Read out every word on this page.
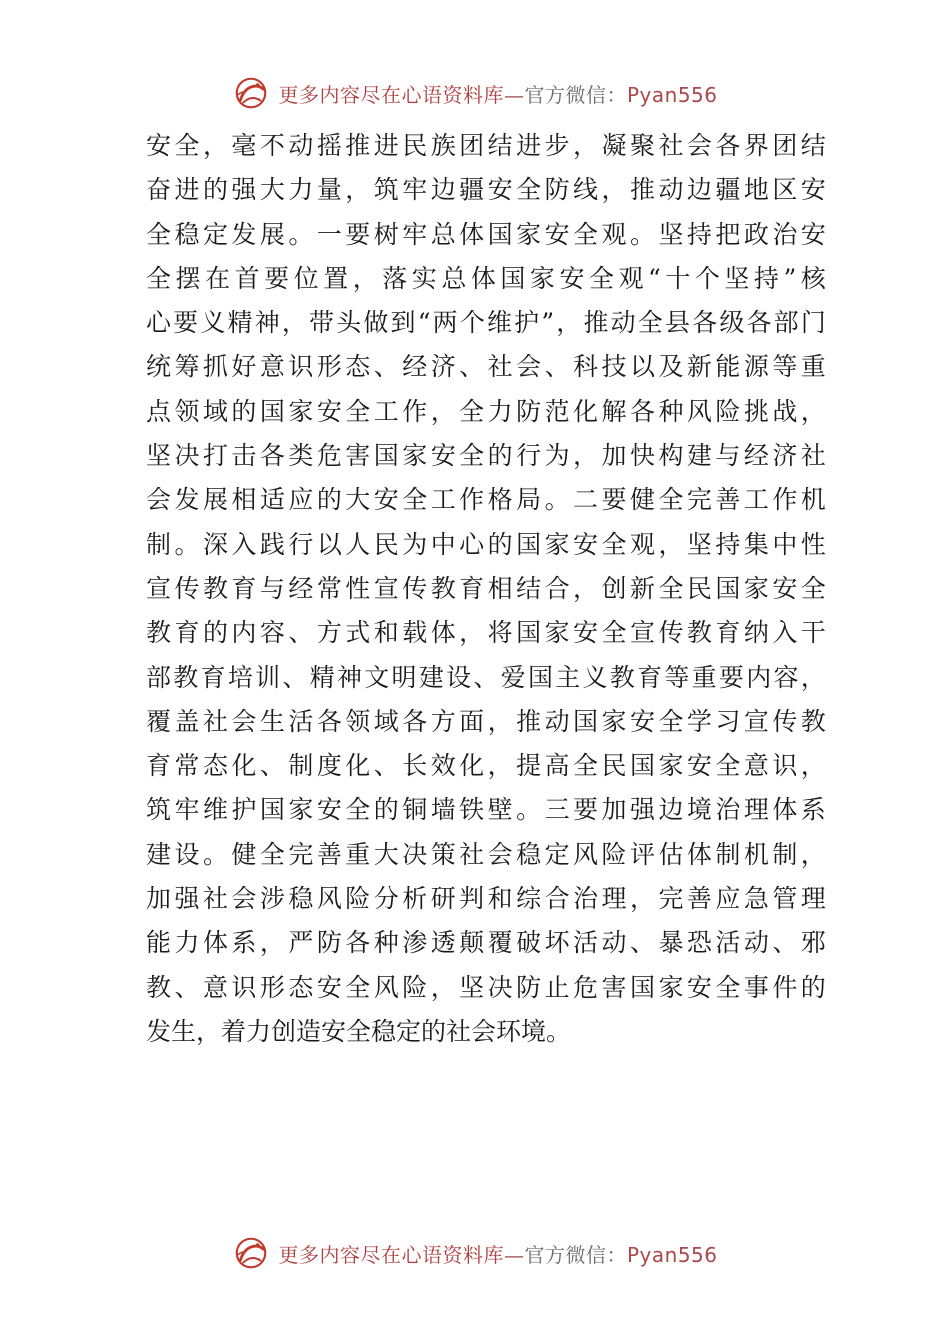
更多内容尽在心语资料库—官方微信：Pyan556
安 全 ， 毫 不 动 摇 推 进 民 族 团 结 进 步 ， 凝 聚 社 会 各 界 团 结
奋 进 的 强 大 力 量 ， 筑 牢 边 疆 安 全 防 线 ， 推 动 边 疆 地 区 安
全 稳 定 发 展 。 一 要 树 牢 总 体 国 家 安 全 观 。 坚 持 把 政 治 安
全 摆 在 首 要 位 置 ， 落 实 总 体 国 家 安 全 观 “ 十 个 坚 持 ” 核
心 要 义 精 神 ， 带 头 做 到 “ 两 个 维 护 ” ， 推 动 全 县 各 级 各 部 门
统 筹 抓 好 意 识 形 态 、 经 济 、 社 会 、 科 技 以 及 新 能 源 等 重
点 领 域 的 国 家 安 全 工 作 ， 全 力 防 范 化 解 各 种 风 险 挑 战 ，
坚 决 打 击 各 类 危 害 国 家 安 全 的 行 为 ， 加 快 构 建 与 经 济 社
会 发 展 相 适 应 的 大 安 全 工 作 格 局 。 二 要 健 全 完 善 工 作 机
制 。 深 入 践 行 以 人 民 为 中 心 的 国 家 安 全 观 ， 坚 持 集 中 性
宣 传 教 育 与 经 常 性 宣 传 教 育 相 结 合 ， 创 新 全 民 国 家 安 全
教 育 的 内 容 、 方 式 和 载 体 ， 将 国 家 安 全 宣 传 教 育 纳 入 干
部 教 育 培 训 、 精 神 文 明 建 设 、 爱 国 主 义 教 育 等 重 要 内 容 ，
覆 盖 社 会 生 活 各 领 域 各 方 面 ， 推 动 国 家 安 全 学 习 宣 传 教
育 常 态 化 、 制 度 化 、 长 效 化 ， 提 高 全 民 国 家 安 全 意 识 ，
筑 牢 维 护 国 家 安 全 的 铜 墙 铁 壁 。 三 要 加 强 边 境 治 理 体 系
建 设 。 健 全 完 善 重 大 决 策 社 会 稳 定 风 险 评 估 体 制 机 制 ，
加 强 社 会 涉 稳 风 险 分 析 研 判 和 综 合 治 理 ， 完 善 应 急 管 理
能 力 体 系 ， 严 防 各 种 渗 透 颠 覆 破 坏 活 动 、 暴 恐 活 动 、 邪
教 、 意 识 形 态 安 全 风 险 ， 坚 决 防 止 危 害 国 家 安 全 事 件 的
发生，着力创造安全稳定的社会环境。
更多内容尽在心语资料库—官方微信：Pyan556
